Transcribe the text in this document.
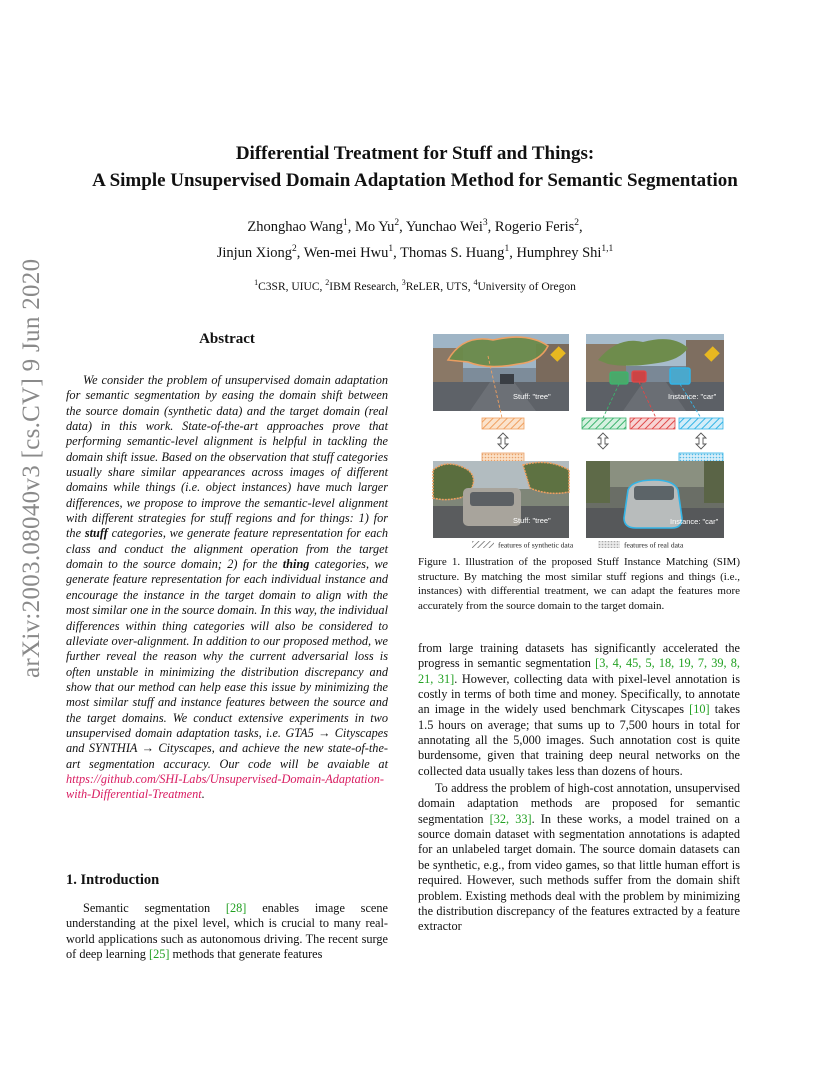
arXiv:2003.08040v3 [cs.CV] 9 Jun 2020
Differential Treatment for Stuff and Things:
A Simple Unsupervised Domain Adaptation Method for Semantic Segmentation
Zhonghao Wang$^1$, Mo Yu$^2$, Yunchao Wei$^3$, Rogerio Feris$^2$,
Jinjun Xiong$^2$, Wen-mei Hwu$^1$, Thomas S. Huang$^1$, Humphrey Shi$^{1,1}$
$^1$C3SR, UIUC, $^2$IBM Research, $^3$ReLER, UTS, $^4$University of Oregon
Abstract
We consider the problem of unsupervised domain adaptation for semantic segmentation by easing the domain shift between the source domain (synthetic data) and the target domain (real data) in this work. State-of-the-art approaches prove that performing semantic-level alignment is helpful in tackling the domain shift issue. Based on the observation that stuff categories usually share similar appearances across images of different domains while things (i.e. object instances) have much larger differences, we propose to improve the semantic-level alignment with different strategies for stuff regions and for things: 1) for the stuff categories, we generate feature representation for each class and conduct the alignment operation from the target domain to the source domain; 2) for the thing categories, we generate feature representation for each individual instance and encourage the instance in the target domain to align with the most similar one in the source domain. In this way, the individual differences within thing categories will also be considered to alleviate over-alignment. In addition to our proposed method, we further reveal the reason why the current adversarial loss is often unstable in minimizing the distribution discrepancy and show that our method can help ease this issue by minimizing the most similar stuff and instance features between the source and the target domains. We conduct extensive experiments in two unsupervised domain adaptation tasks, i.e. GTA5 → Cityscapes and SYNTHIA → Cityscapes, and achieve the new state-of-the-art segmentation accuracy. Our code will be avaiable at https://github.com/SHI-Labs/Unsupervised-Domain-Adaptation-with-Differential-Treatment.
1. Introduction
Semantic segmentation [28] enables image scene understanding at the pixel level, which is crucial to many real-world applications such as autonomous driving. The recent surge of deep learning [25] methods that generate features
Stuff: "tree"	Instance: "car"
Stuff: "tree"	Instance: "car"
features of synthetic data	features of real data
Figure 1. Illustration of the proposed Stuff Instance Matching (SIM) structure. By matching the most similar stuff regions and things (i.e., instances) with differential treatment, we can adapt the features more accurately from the source domain to the target domain.

from large training datasets has significantly accelerated the progress in semantic segmentation [3, 4, 45, 5, 18, 19, 7, 39, 8, 21, 31]. However, collecting data with pixel-level annotation is costly in terms of both time and money. Specifically, to annotate an image in the widely used benchmark Cityscapes [10] takes 1.5 hours on average; that sums up to 7,500 hours in total for annotating all the 5,000 images. Such annotation cost is quite burdensome, given that training deep neural networks on the collected data usually takes less than dozens of hours.

To address the problem of high-cost annotation, unsupervised domain adaptation methods are proposed for semantic segmentation [32, 33]. In these works, a model trained on a source domain dataset with segmentation annotations is adapted for an unlabeled target domain. The source domain datasets can be synthetic, e.g., from video games, so that little human effort is required. However, such methods suffer from the domain shift problem. Existing methods deal with the problem by minimizing the distribution discrepancy of the features extracted by a feature extractor
